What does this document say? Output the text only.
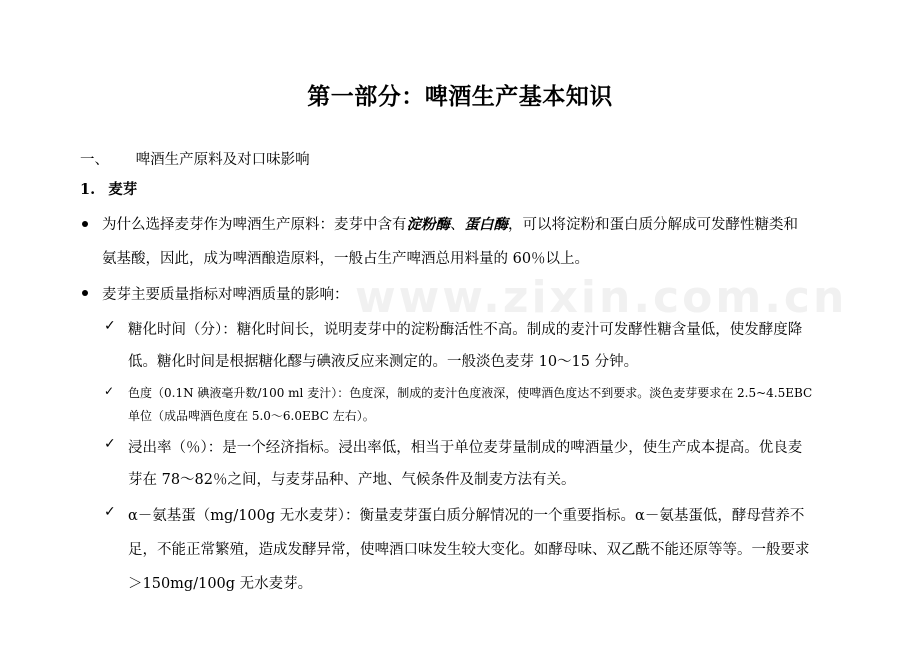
www.zixin.com.cn
第一部分：啤酒生产基本知识
一、 啤酒生产原料及对口味影响
1. 麦芽
为什么选择麦芽作为啤酒生产原料：麦芽中含有淀粉酶、蛋白酶，可以将淀粉和蛋白质分解成可发酵性糖类和
氨基酸，因此，成为啤酒酿造原料，一般占生产啤酒总用料量的 60％以上。
麦芽主要质量指标对啤酒质量的影响：
✓ 糖化时间（分）：糖化时间长，说明麦芽中的淀粉酶活性不高。制成的麦汁可发酵性糖含量低，使发酵度降
低。糖化时间是根据糖化醪与碘液反应来测定的。一般淡色麦芽 10～15 分钟。
✓ 色度（0.1N 碘液毫升数/100 ml 麦汁）：色度深，制成的麦汁色度液深，使啤酒色度达不到要求。淡色麦芽要求在 2.5~4.5EBC
单位（成品啤酒色度在 5.0～6.0EBC 左右）。
✓ 浸出率（％）：是一个经济指标。浸出率低，相当于单位麦芽量制成的啤酒量少，使生产成本提高。优良麦
芽在 78～82％之间，与麦芽品种、产地、气候条件及制麦方法有关。
✓ α－氨基蛋（mg/100g 无水麦芽）：衡量麦芽蛋白质分解情况的一个重要指标。α－氨基蛋低，酵母营养不
足，不能正常繁殖，造成发酵异常，使啤酒口味发生较大变化。如酵母味、双乙酰不能还原等等。一般要求
＞150mg/100g 无水麦芽。
